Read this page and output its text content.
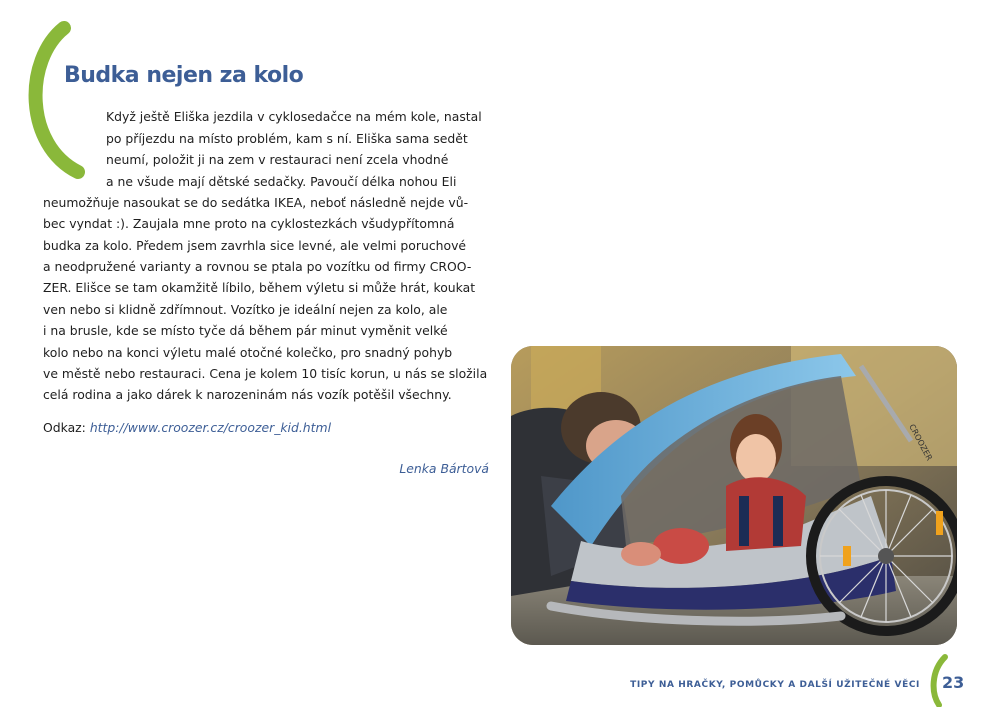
Budka nejen za kolo
Když ještě Eliška jezdila v cyklosedačce na mém kole, nastal
po příjezdu na místo problém, kam s ní. Eliška sama sedět
neumí, položit ji na zem v restauraci není zcela vhodné
a ne všude mají dětské sedačky. Pavoučí délka nohou Eli
neumožňuje nasoukat se do sedátka IKEA, neboť následně nejde vů-
bec vyndat :). Zaujala mne proto na cyklostezkách všudypřítomná
budka za kolo. Předem jsem zavrhla sice levné, ale velmi poruchové
a neodpružené varianty a rovnou se ptala po vozítku od firmy CROO-
ZER. Elišce se tam okamžitě líbilo, během výletu si může hrát, koukat
ven nebo si klidně zdřímnout. Vozítko je ideální nejen za kolo, ale
i na brusle, kde se místo tyče dá během pár minut vyměnit velké
kolo nebo na konci výletu malé otočné kolečko, pro snadný pohyb
ve městě nebo restauraci. Cena je kolem 10 tisíc korun, u nás se složila
celá rodina a jako dárek k narozeninám nás vozík potěšil všechny.
Odkaz: http://www.croozer.cz/croozer_kid.html
Lenka Bártová
CROOZER
TIPY NA HRAČKY, POMŮCKY A DALŠÍ UŽITEČNÉ VĚCI 23
